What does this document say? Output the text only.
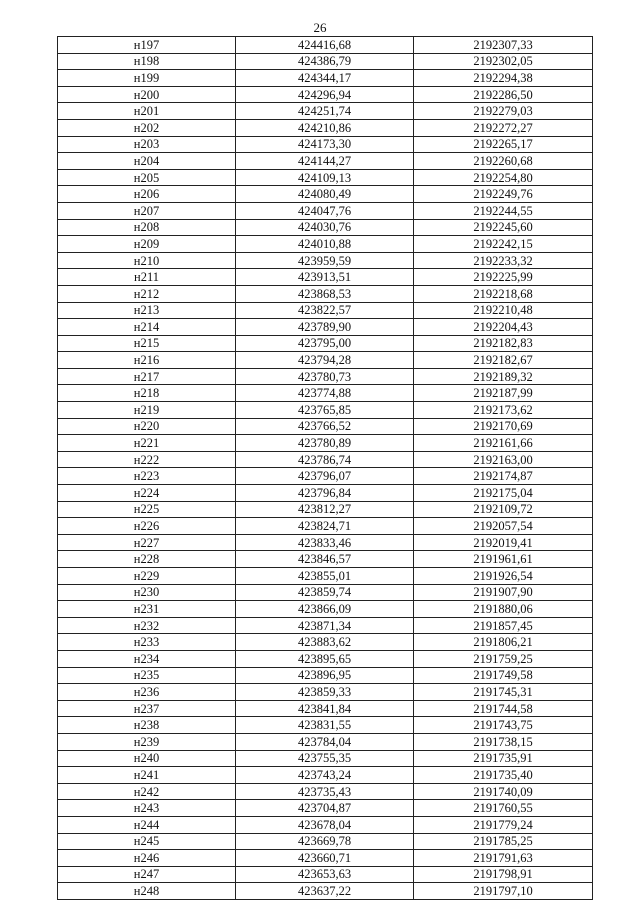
26
н197	424416,68	2192307,33
н198	424386,79	2192302,05
н199	424344,17	2192294,38
н200	424296,94	2192286,50
н201	424251,74	2192279,03
н202	424210,86	2192272,27
н203	424173,30	2192265,17
н204	424144,27	2192260,68
н205	424109,13	2192254,80
н206	424080,49	2192249,76
н207	424047,76	2192244,55
н208	424030,76	2192245,60
н209	424010,88	2192242,15
н210	423959,59	2192233,32
н211	423913,51	2192225,99
н212	423868,53	2192218,68
н213	423822,57	2192210,48
н214	423789,90	2192204,43
н215	423795,00	2192182,83
н216	423794,28	2192182,67
н217	423780,73	2192189,32
н218	423774,88	2192187,99
н219	423765,85	2192173,62
н220	423766,52	2192170,69
н221	423780,89	2192161,66
н222	423786,74	2192163,00
н223	423796,07	2192174,87
н224	423796,84	2192175,04
н225	423812,27	2192109,72
н226	423824,71	2192057,54
н227	423833,46	2192019,41
н228	423846,57	2191961,61
н229	423855,01	2191926,54
н230	423859,74	2191907,90
н231	423866,09	2191880,06
н232	423871,34	2191857,45
н233	423883,62	2191806,21
н234	423895,65	2191759,25
н235	423896,95	2191749,58
н236	423859,33	2191745,31
н237	423841,84	2191744,58
н238	423831,55	2191743,75
н239	423784,04	2191738,15
н240	423755,35	2191735,91
н241	423743,24	2191735,40
н242	423735,43	2191740,09
н243	423704,87	2191760,55
н244	423678,04	2191779,24
н245	423669,78	2191785,25
н246	423660,71	2191791,63
н247	423653,63	2191798,91
н248	423637,22	2191797,10
